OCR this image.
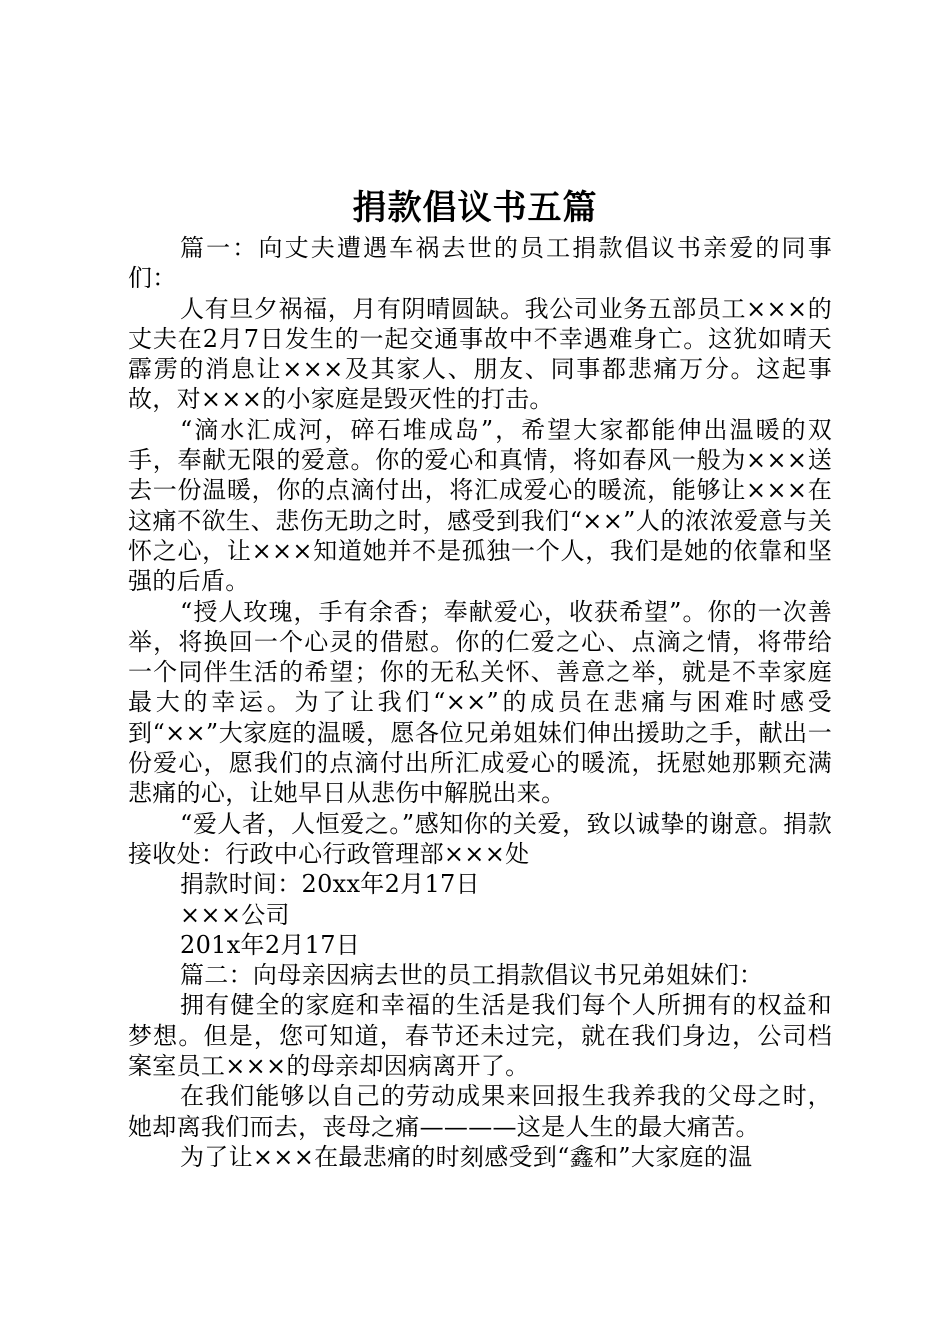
捐款倡议书五篇

篇一：向丈夫遭遇车祸去世的员工捐款倡议书亲爱的同事们：

人有旦夕祸福，月有阴晴圆缺。我公司业务五部员工×××的丈夫在2月7日发生的一起交通事故中不幸遇难身亡。这犹如晴天霹雳的消息让×××及其家人、朋友、同事都悲痛万分。这起事故，对×××的小家庭是毁灭性的打击。

“滴水汇成河，碎石堆成岛”，希望大家都能伸出温暖的双手，奉献无限的爱意。你的爱心和真情，将如春风一般为×××送去一份温暖，你的点滴付出，将汇成爱心的暖流，能够让×××在这痛不欲生、悲伤无助之时，感受到我们“××”人的浓浓爱意与关怀之心，让×××知道她并不是孤独一个人，我们是她的依靠和坚强的后盾。

“授人玫瑰，手有余香；奉献爱心，收获希望”。你的一次善举，将换回一个心灵的借慰。你的仁爱之心、点滴之情，将带给一个同伴生活的希望；你的无私关怀、善意之举，就是不幸家庭最大的幸运。为了让我们“××”的成员在悲痛与困难时感受到“××”大家庭的温暖，愿各位兄弟姐妹们伸出援助之手，献出一份爱心，愿我们的点滴付出所汇成爱心的暖流，抚慰她那颗充满悲痛的心，让她早日从悲伤中解脱出来。

“爱人者，人恒爱之。”感知你的关爱，致以诚挚的谢意。捐款接收处：行政中心行政管理部×××处

捐款时间：20xx年2月17日

×××公司

201x年2月17日

篇二：向母亲因病去世的员工捐款倡议书兄弟姐妹们：

拥有健全的家庭和幸福的生活是我们每个人所拥有的权益和梦想。但是，您可知道，春节还未过完，就在我们身边，公司档案室员工×××的母亲却因病离开了。

在我们能够以自己的劳动成果来回报生我养我的父母之时，她却离我们而去，丧母之痛————这是人生的最大痛苦。

为了让×××在最悲痛的时刻感受到“鑫和”大家庭的温
